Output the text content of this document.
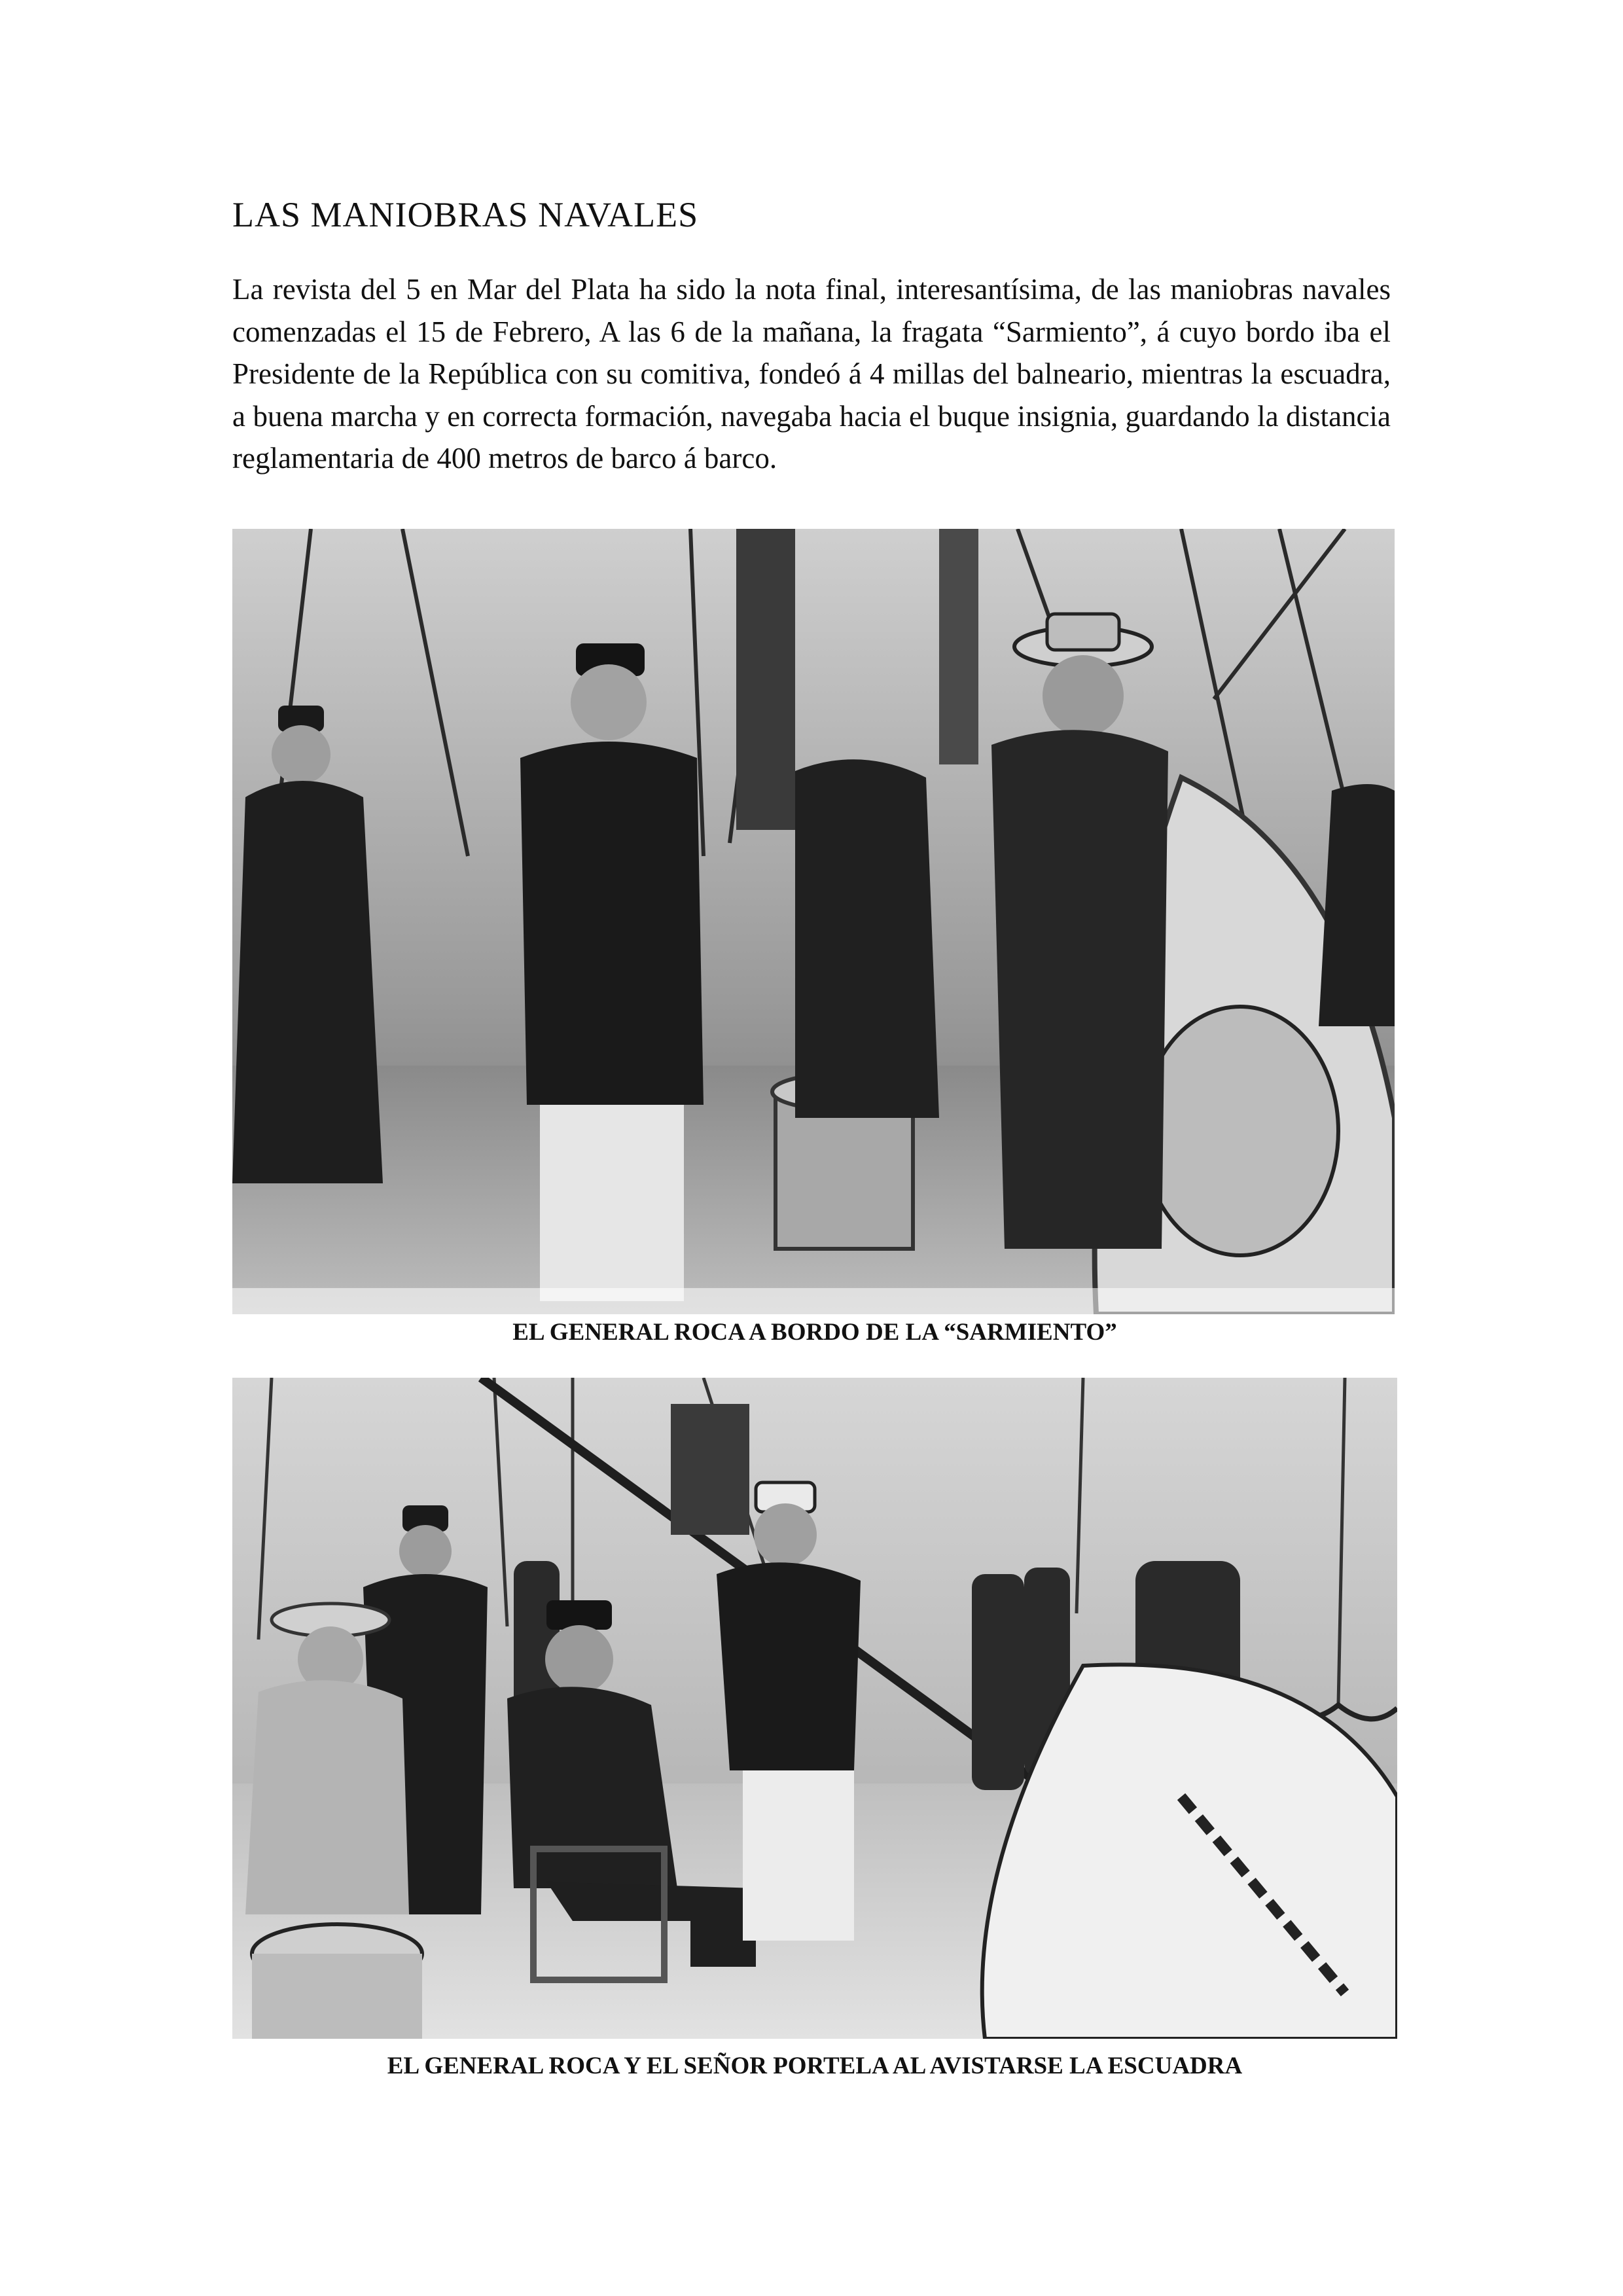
LAS MANIOBRAS NAVALES

La revista del 5 en Mar del Plata ha sido la nota final, interesantísima, de las maniobras navales comenzadas el 15 de Febrero, A las 6 de la mañana, la fragata “Sarmiento”, á cuyo bordo iba el Presidente de la República con su comitiva, fondeó á 4 millas del balneario, mientras la escuadra, a buena marcha y en correcta formación, navegaba hacia el buque insignia, guardando la distancia reglamentaria de 400 metros de barco á barco.

EL GENERAL ROCA A BORDO DE LA “SARMIENTO”
EL GENERAL ROCA Y EL SEÑOR PORTELA AL AVISTARSE LA ESCUADRA
